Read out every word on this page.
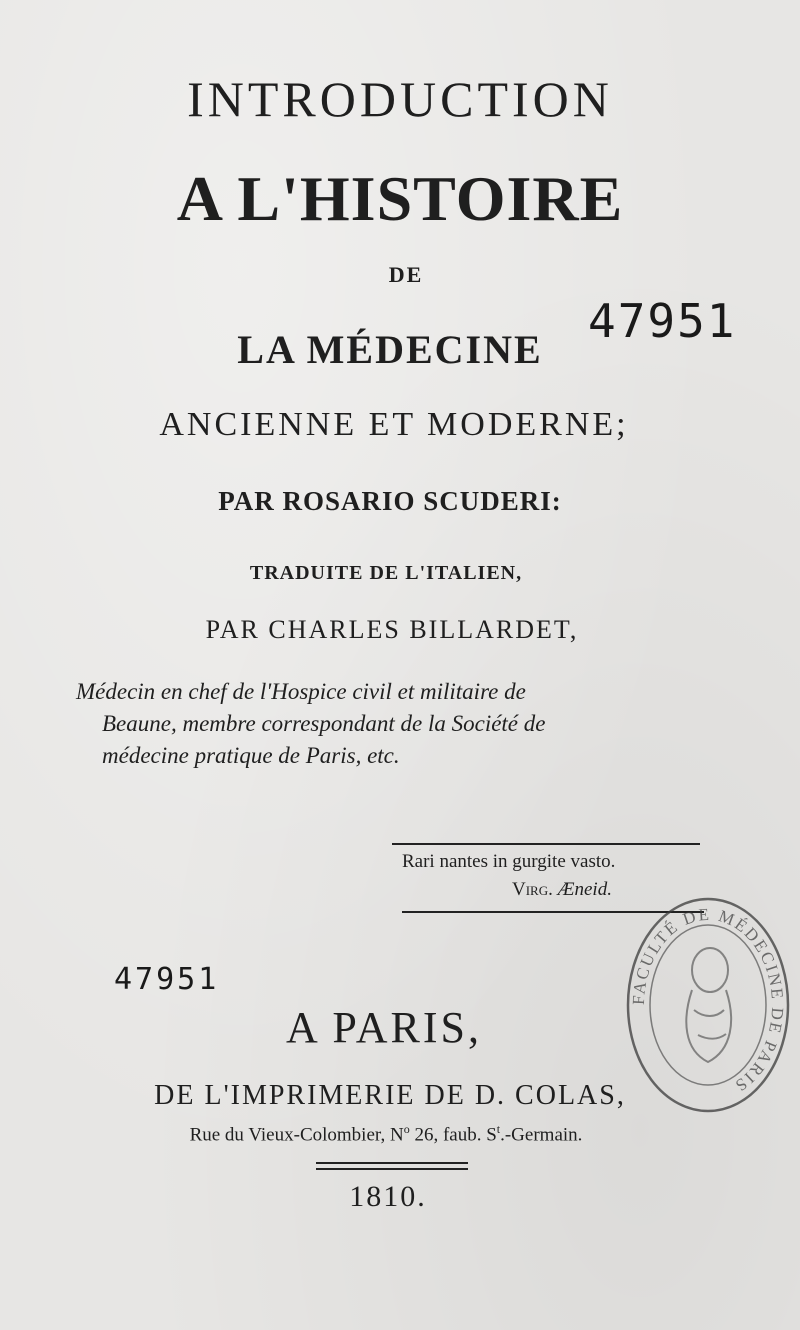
INTRODUCTION
A L'HISTOIRE
DE
LA MÉDECINE
ANCIENNE ET MODERNE;
47951
PAR ROSARIO SCUDERI:
TRADUITE DE L'ITALIEN,
PAR CHARLES BILLARDET,
Médecin en chef de l'Hospice civil et militaire de
Beaune, membre correspondant de la Société de
médecine pratique de Paris, etc.
Rari nantes in gurgite vasto.
Virg. Æneid.
47951
A PARIS,
DE L'IMPRIMERIE DE D. COLAS,
Rue du Vieux-Colombier, $N^o$ 26, faub. $S^t$.-Germain.
1810.
FACULTÉ DE MÉDECINE DE PARIS
